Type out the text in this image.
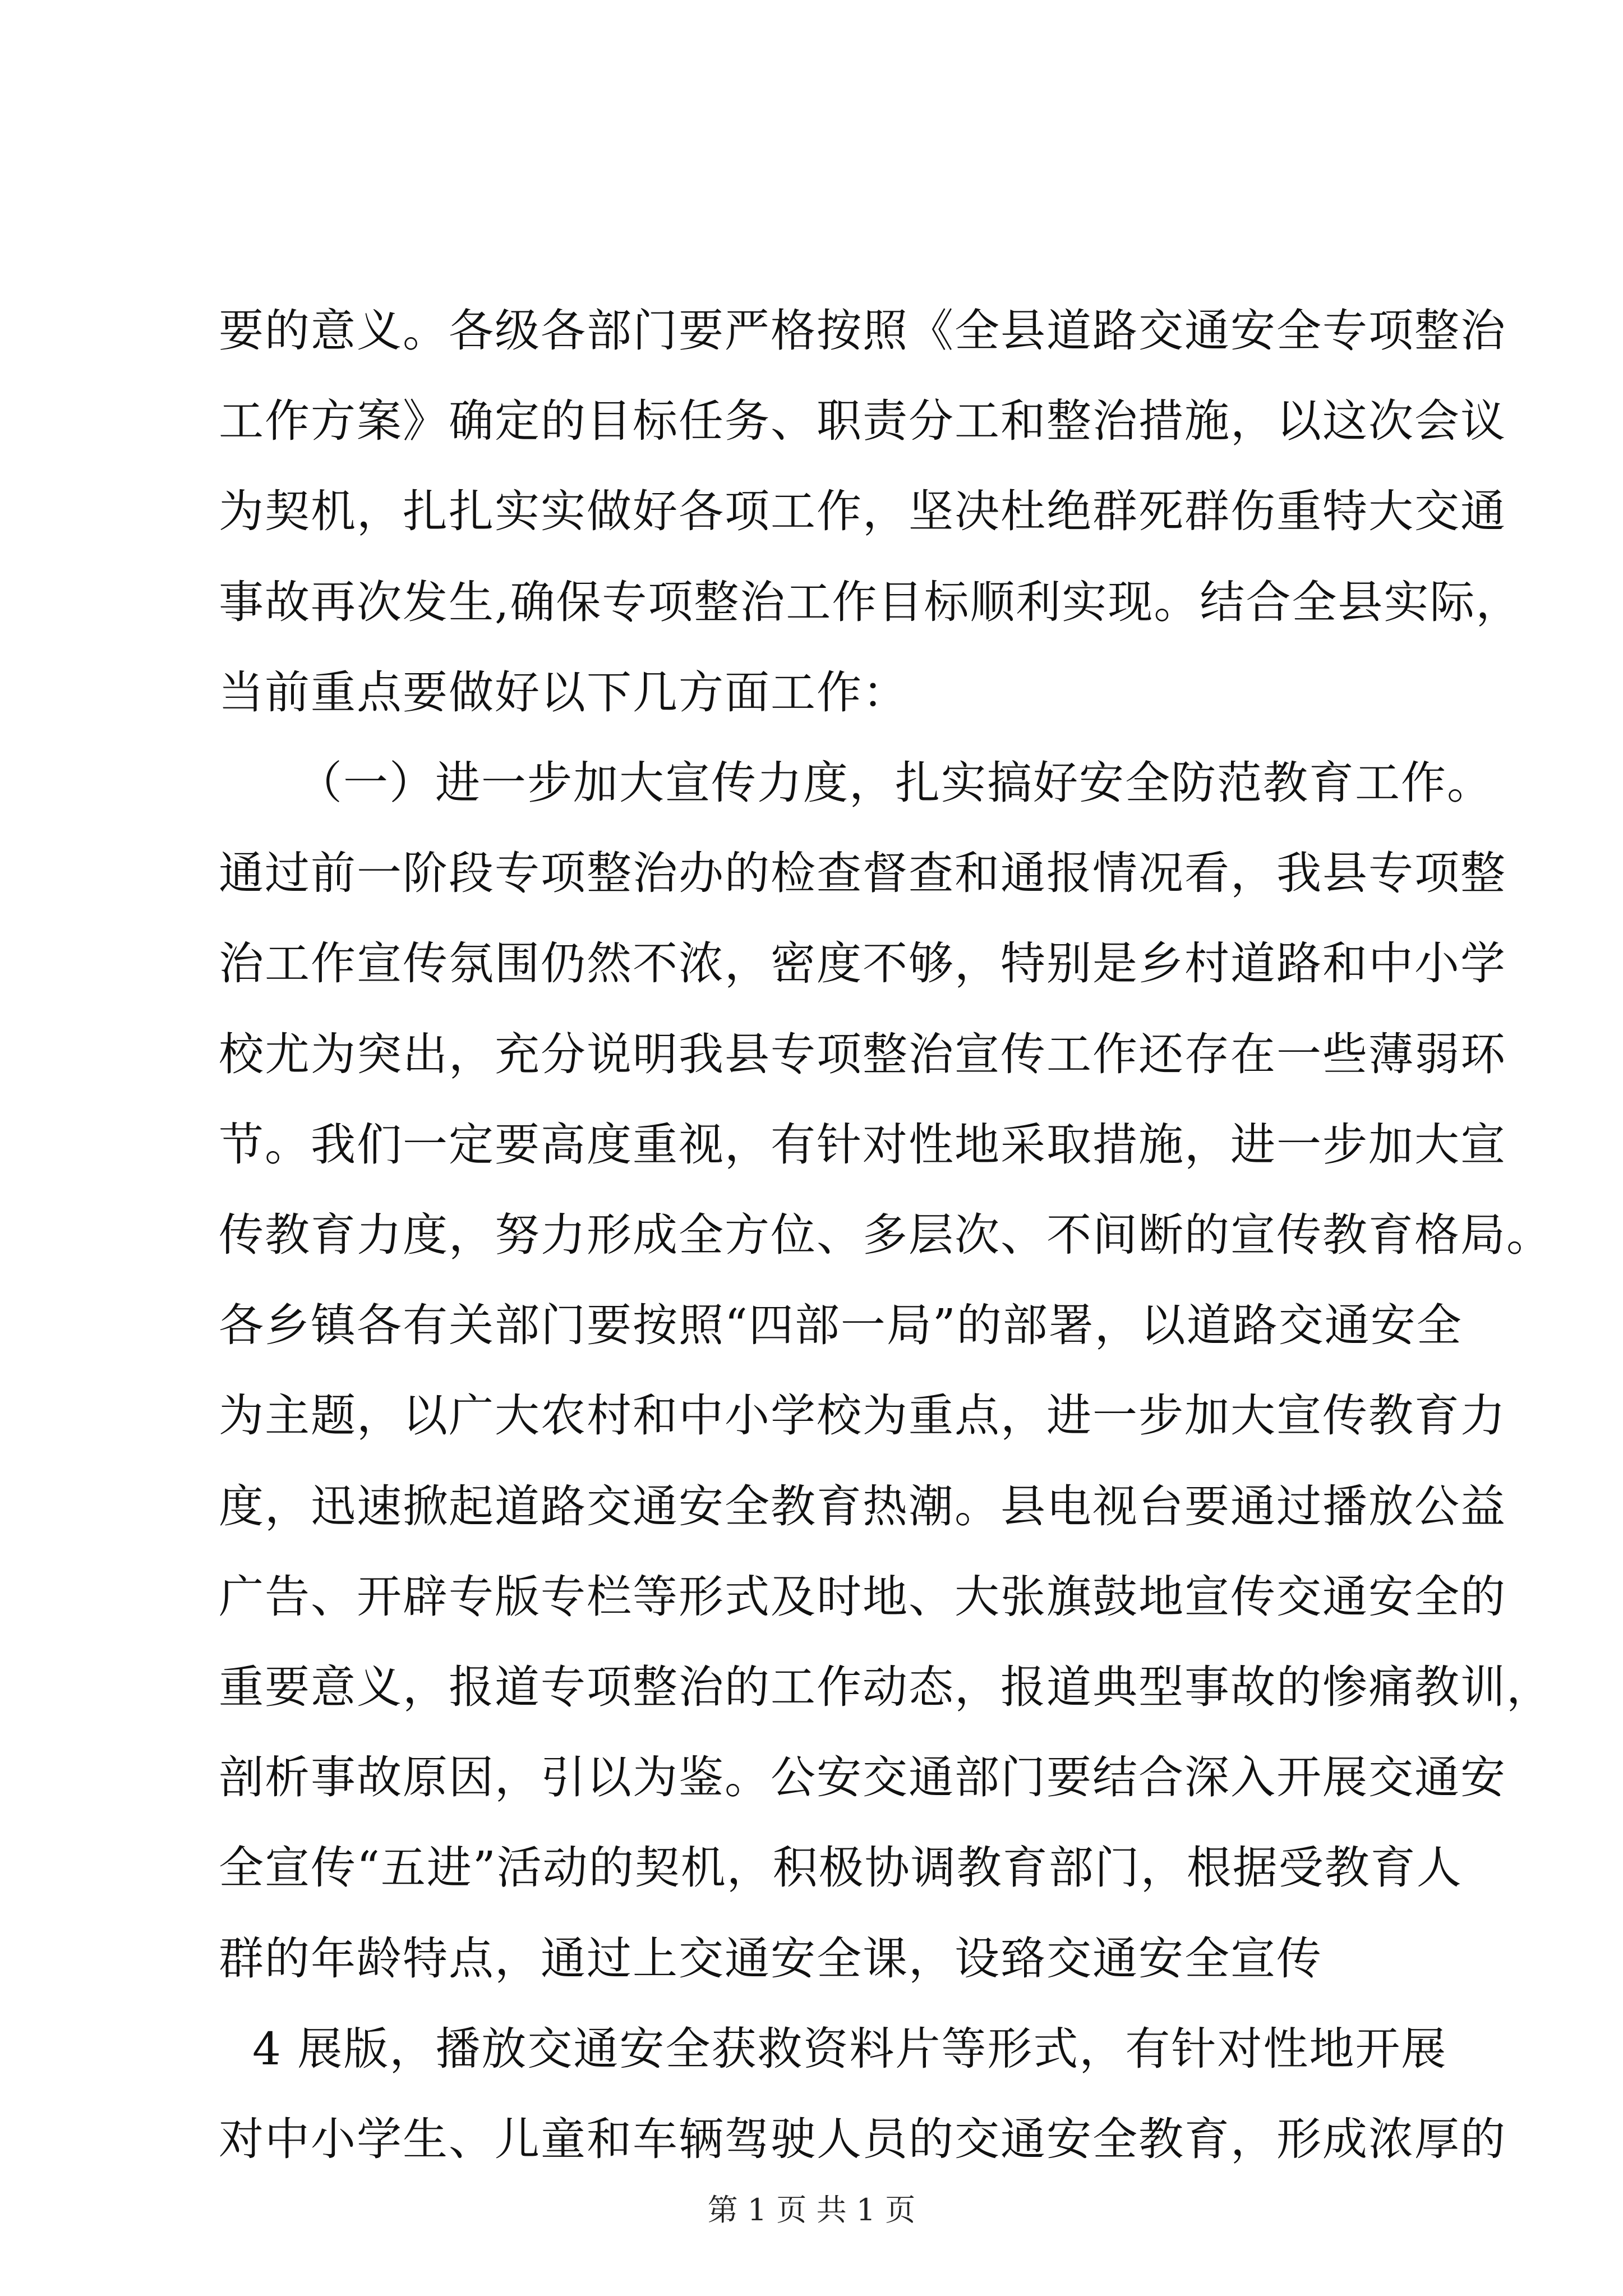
要的意义。各级各部门要严格按照《全县道路交通安全专项整治
工作方案》确定的目标任务、职责分工和整治措施，以这次会议
为契机，扎扎实实做好各项工作，坚决杜绝群死群伤重特大交通
事故再次发生,确保专项整治工作目标顺利实现。结合全县实际，
当前重点要做好以下几方面工作：
（一）进一步加大宣传力度，扎实搞好安全防范教育工作。
通过前一阶段专项整治办的检查督查和通报情况看，我县专项整
治工作宣传氛围仍然不浓，密度不够，特别是乡村道路和中小学
校尤为突出，充分说明我县专项整治宣传工作还存在一些薄弱环
节。我们一定要高度重视，有针对性地采取措施，进一步加大宣
传教育力度，努力形成全方位、多层次、不间断的宣传教育格局。
各乡镇各有关部门要按照“四部一局”的部署，以道路交通安全
为主题，以广大农村和中小学校为重点，进一步加大宣传教育力
度，迅速掀起道路交通安全教育热潮。县电视台要通过播放公益
广告、开辟专版专栏等形式及时地、大张旗鼓地宣传交通安全的
重要意义，报道专项整治的工作动态，报道典型事故的惨痛教训，
剖析事故原因，引以为鉴。公安交通部门要结合深入开展交通安
全宣传“五进”活动的契机，积极协调教育部门，根据受教育人
群的年龄特点，通过上交通安全课，设臵交通安全宣传
4 展版，播放交通安全获救资料片等形式，有针对性地开展
对中小学生、儿童和车辆驾驶人员的交通安全教育，形成浓厚的
第 1 页 共 1 页
